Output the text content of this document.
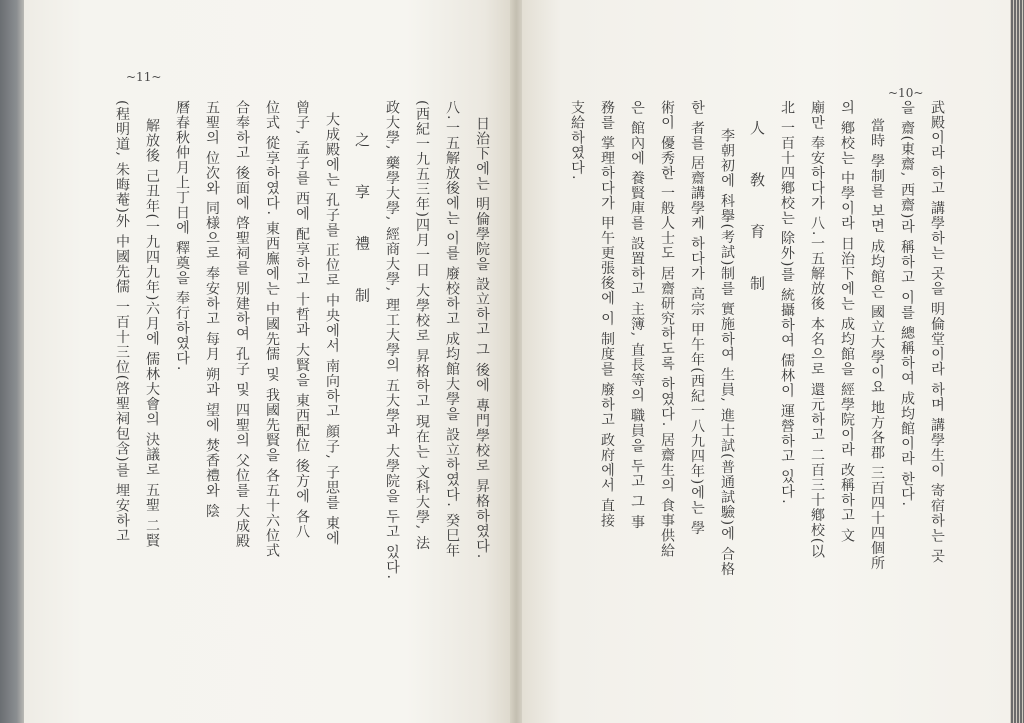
~10~
武殿이라 하고 講學하는 곳을 明倫堂이라 하며 講學生이 寄宿하는 곳
을 齋(東齋, 西齋)라 稱하고 이를 總稱하여 成均館이라 한다.
當時 學制를 보면 成均館은 國立大學이요 地方各郡 三百四十四個所
의 鄕校는 中學이라 日治下에는 成均館을 經學院이라 改稱하고 文
廟만 奉安하다가 八.一五解放後 本名으로 還元하고 二百三十鄕校(以
北 一百十四鄕校는 除外)를 統攝하여 儒林이 運營하고 있다.
人 敎 育 制
李朝初에 科擧(考試)制를 實施하여 生員, 進士試(普通試驗)에 合格
한 者를 居齋講學케 하다가 高宗 甲午年(西紀一八九四年)에는 學
術이 優秀한 一般人士도 居齋研究하도록 하였다. 居齋生의 食事供給
은 館內에 養賢庫를 設置하고 主簿, 直長等의 職員을 두고 그 事
務를 掌理하다가 甲午更張後에 이 制度를 廢하고 政府에서 直接
支給하였다.
~11~
日治下에는 明倫學院을 設立하고 그 後에 專門學校로 昇格하였다.
八.一五解放後에는 이를 廢校하고 成均館大學을 設立하였다. 癸巳年
(西紀一九五三年)四月一日 大學校로 昇格하고 現在는 文科大學, 法
政大學, 藥學大學, 經商大學, 理工大學의 五大學과 大學院을 두고 있다.
之 享 禮 制
大成殿에는 孔子를 正位로 中央에서 南向하고 顔子, 子思를 東에
曾子, 孟子를 西에 配享하고 十哲과 大賢을 東西配位 後方에 各八
位式 從享하였다. 東西廡에는 中國先儒 및 我國先賢을 各五十六位式
合奉하고 後面에 啓聖祠를 別建하여 孔子 및 四聖의 父位를 大成殿
五聖의 位次와 同様으로 奉安하고 每月 朔과 望에 焚香禮와 陰
曆春秋仲月上丁日에 釋奠을 奉行하였다.
解放後 己丑年(一九四九年)六月에 儒林大會의 決議로 五聖 二賢
(程明道, 朱晦菴)外 中國先儒 一百十三位(啓聖祠包含)를 埋安하고
